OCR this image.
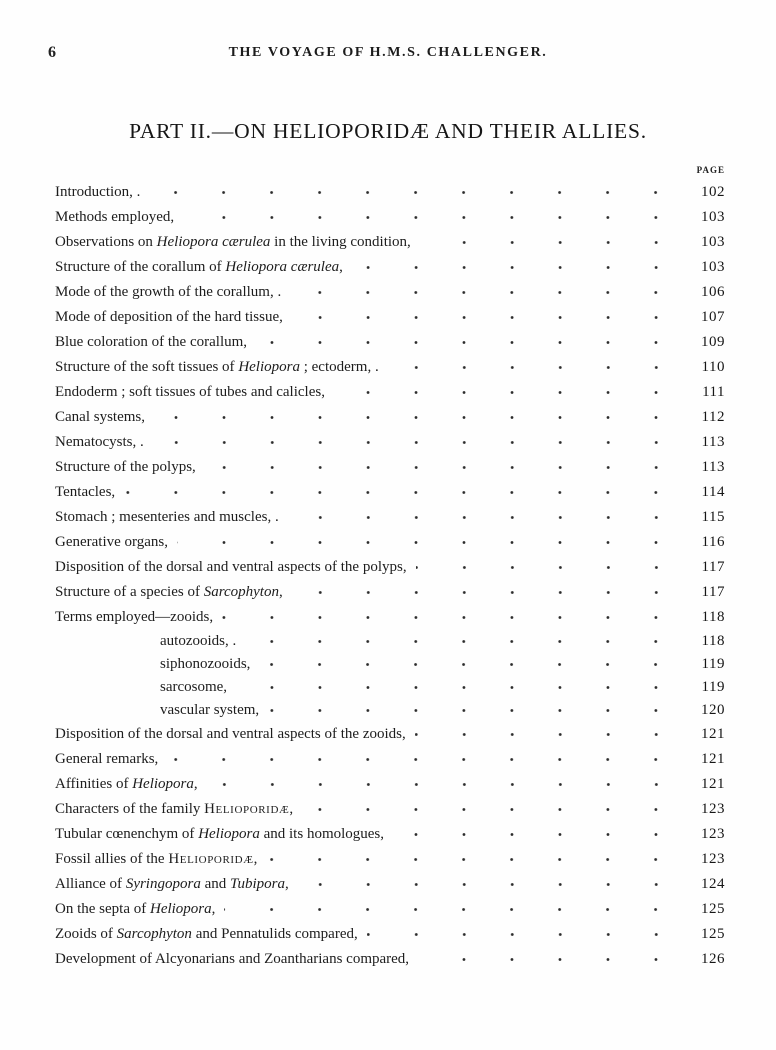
6	THE VOYAGE OF H.M.S. CHALLENGER.
PART II.—ON HELIOPORIDÆ AND THEIR ALLIES.
PAGE
Introduction, .	102
Methods employed,	103
Observations on Heliopora cærulea in the living condition,	103
Structure of the corallum of Heliopora cærulea,	103
Mode of the growth of the corallum, .	106
Mode of deposition of the hard tissue,	107
Blue coloration of the corallum,	109
Structure of the soft tissues of Heliopora ; ectoderm, .	110
Endoderm ; soft tissues of tubes and calicles,	111
Canal systems,	112
Nematocysts, .	113
Structure of the polyps,	113
Tentacles,	114
Stomach ; mesenteries and muscles, .	115
Generative organs,	116
Disposition of the dorsal and ventral aspects of the polyps,	117
Structure of a species of Sarcophyton,	117
Terms employed—zooids,	118
autozooids, .	118
siphonozooids,	119
sarcosome,	119
vascular system,	120
Disposition of the dorsal and ventral aspects of the zooids,	121
General remarks,	121
Affinities of Heliopora,	121
Characters of the family Helioporidæ,	123
Tubular cœnenchym of Heliopora and its homologues,	123
Fossil allies of the Helioporidæ,	123
Alliance of Syringopora and Tubipora,	124
On the septa of Heliopora,	125
Zooids of Sarcophyton and Pennatulids compared,	125
Development of Alcyonarians and Zoantharians compared,	126
